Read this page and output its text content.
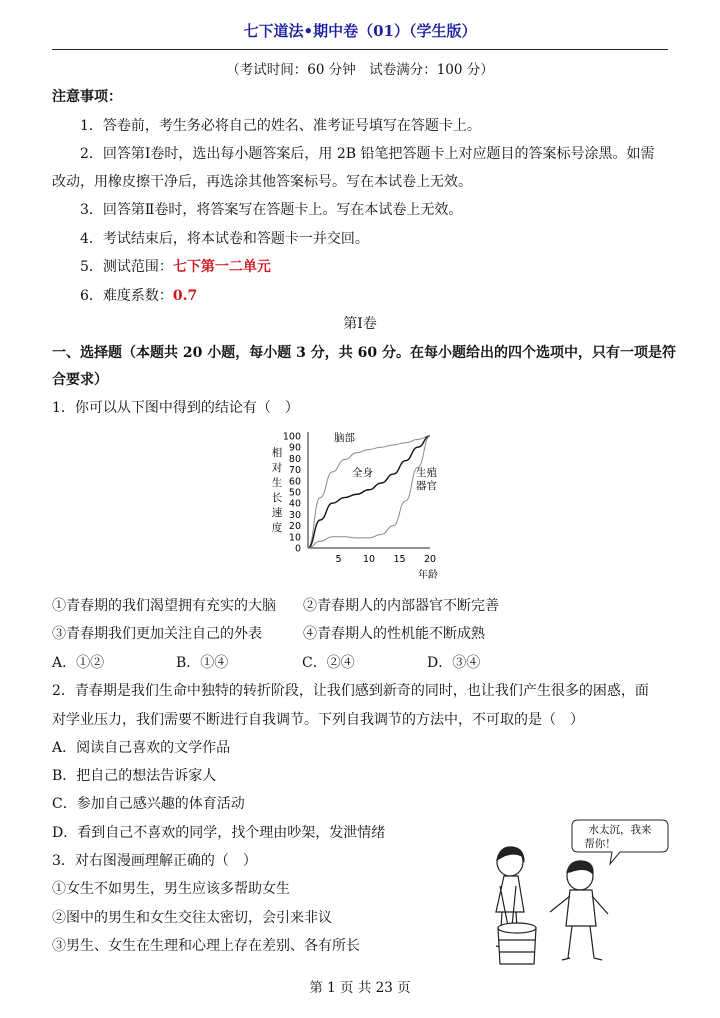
七下道法•期中卷（01）（学生版）
（考试时间：60 分钟　试卷满分：100 分）
注意事项：
1．答卷前，考生务必将自己的姓名、准考证号填写在答题卡上。
2．回答第Ⅰ卷时，选出每小题答案后，用 2B 铅笔把答题卡上对应题目的答案标号涂黑。如需
改动，用橡皮擦干净后，再选涂其他答案标号。写在本试卷上无效。
3．回答第Ⅱ卷时，将答案写在答题卡上。写在本试卷上无效。
4．考试结束后，将本试卷和答题卡一并交回。
5．测试范围：七下第一二单元
6．难度系数：0.7
第Ⅰ卷
一、选择题（本题共 20 小题，每小题 3 分，共 60 分。在每小题给出的四个选项中，只有一项是符
合要求）
1．你可以从下图中得到的结论有（　）
0
10
20
30
40
50
60
70
80
90
100
5 10 15 20
相
对
生
长
速
度
年龄
脑部
全身	生殖器官
①青春期的我们渴望拥有充实的大脑 ②青春期人的内部器官不断完善
③青春期我们更加关注自己的外表	④青春期人的性机能不断成熟
A．①②	B．①④	C．②④	D．③④
2．青春期是我们生命中独特的转折阶段，让我们感到新奇的同时，也让我们产生很多的困惑，面
对学业压力，我们需要不断进行自我调节。下列自我调节的方法中，不可取的是（　）
A．阅读自己喜欢的文学作品
B．把自己的想法告诉家人
C．参加自己感兴趣的体育活动
D．看到自己不喜欢的同学，找个理由吵架，发泄情绪
3．对右图漫画理解正确的（　）
①女生不如男生，男生应该多帮助女生
②图中的男生和女生交往太密切，会引来非议
③男生、女生在生理和心理上存在差别、各有所长
水太沉，我来
帮你！
第 1 页 共 23 页
